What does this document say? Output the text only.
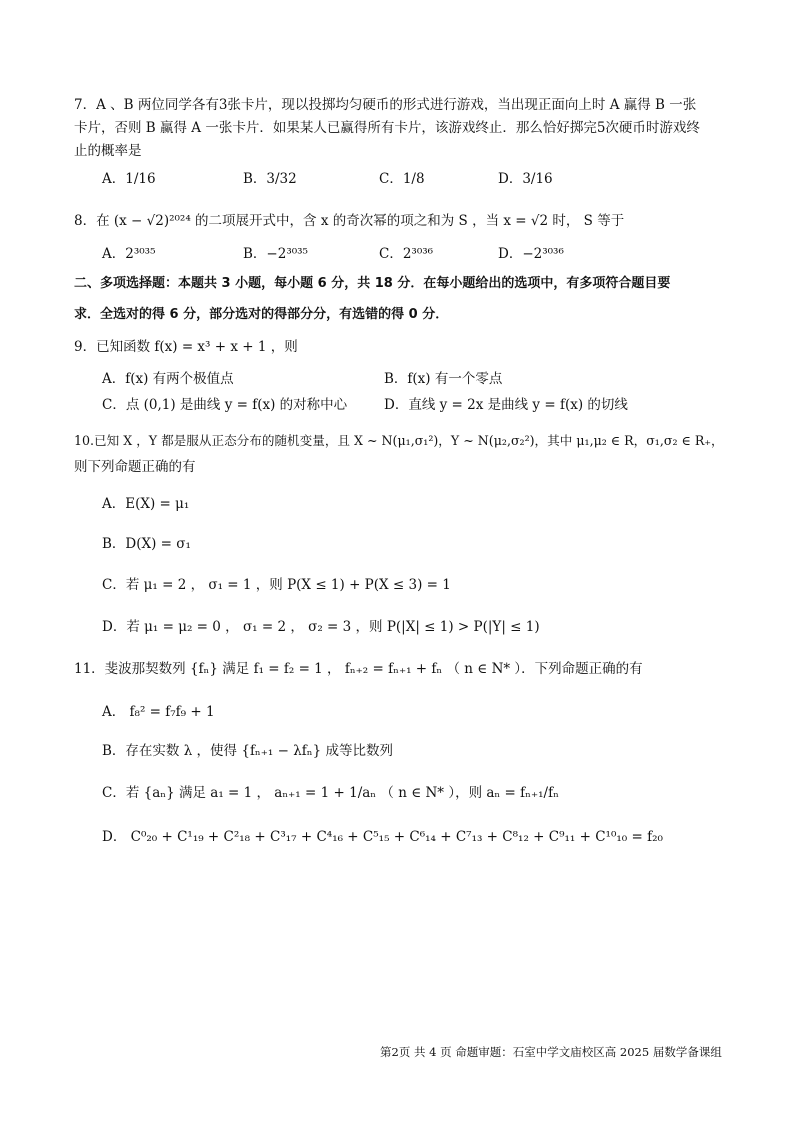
7．A 、B 两位同学各有3张卡片，现以投掷均匀硬币的形式进行游戏，当出现正面向上时 A 赢得 B 一张
卡片，否则 B 赢得 A 一张卡片．如果某人已赢得所有卡片，该游戏终止．那么恰好掷完5次硬币时游戏终
止的概率是
A．1/16	B．3/32	C．1/8	D．3/16
8．在 (x − √2)²⁰²⁴ 的二项展开式中，含 x 的奇次幂的项之和为 S ，当 x = √2 时， S 等于
A．2³⁰³⁵	B．−2³⁰³⁵	C．2³⁰³⁶	D．−2³⁰³⁶
二、多项选择题：本题共 3 小题，每小题 6 分，共 18 分．在每小题给出的选项中，有多项符合题目要
求．全选对的得 6 分，部分选对的得部分分，有选错的得 0 分．
9．已知函数 f(x) = x³ + x + 1 ，则
A．f(x) 有两个极值点	B．f(x) 有一个零点
C．点 (0,1) 是曲线 y = f(x) 的对称中心	D．直线 y = 2x 是曲线 y = f(x) 的切线
10.已知 X ，Y 都是服从正态分布的随机变量，且 X ~ N(μ₁,σ₁²)，Y ~ N(μ₂,σ₂²)，其中 μ₁,μ₂ ∈ R，σ₁,σ₂ ∈ R₊，
则下列命题正确的有
A．E(X) = μ₁
B．D(X) = σ₁
C．若 μ₁ = 2 ， σ₁ = 1 ，则 P(X ≤ 1) + P(X ≤ 3) = 1
D．若 μ₁ = μ₂ = 0 ， σ₁ = 2 ， σ₂ = 3 ，则 P(|X| ≤ 1) > P(|Y| ≤ 1)
11．斐波那契数列 {fₙ} 满足 f₁ = f₂ = 1 ， fₙ₊₂ = fₙ₊₁ + fₙ （ n ∈ N* ）．下列命题正确的有
A． f₈² = f₇f₉ + 1
B．存在实数 λ ，使得 {fₙ₊₁ − λfₙ} 成等比数列
C．若 {aₙ} 满足 a₁ = 1 ， aₙ₊₁ = 1 + 1/aₙ （ n ∈ N* ），则 aₙ = fₙ₊₁/fₙ
D． C⁰₂₀ + C¹₁₉ + C²₁₈ + C³₁₇ + C⁴₁₆ + C⁵₁₅ + C⁶₁₄ + C⁷₁₃ + C⁸₁₂ + C⁹₁₁ + C¹⁰₁₀ = f₂₀
第2页 共 4 页 命题审题：石室中学文庙校区高 2025 届数学备课组
